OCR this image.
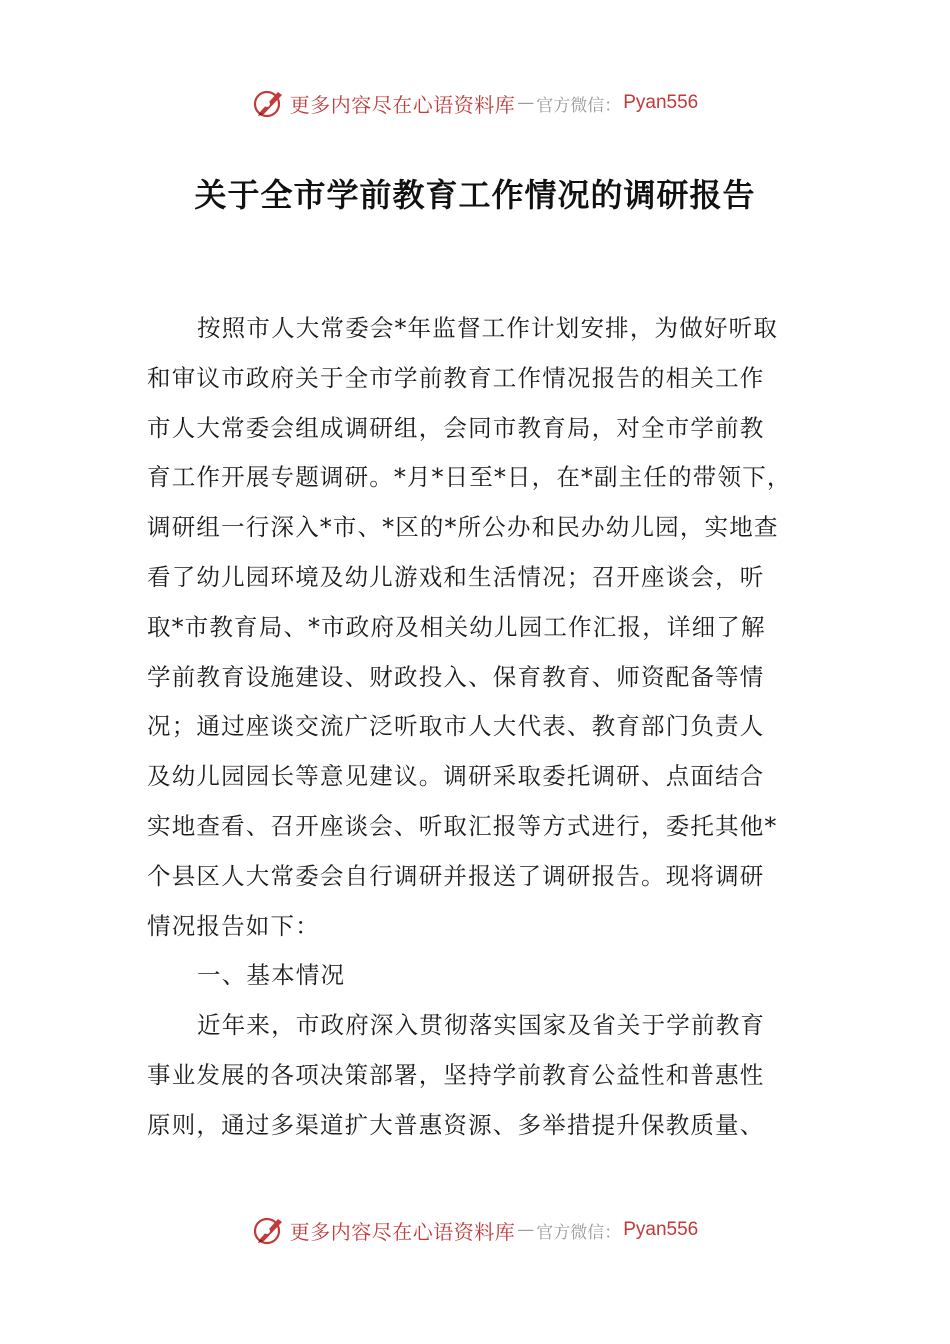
更多内容尽在心语资料库 — 官方微信： Pyan556
关于全市学前教育工作情况的调研报告
按照市人大常委会*年监督工作计划安排，为做好听取
和审议市政府关于全市学前教育工作情况报告的相关工作
市人大常委会组成调研组，会同市教育局，对全市学前教
育工作开展专题调研。*月*日至*日，在*副主任的带领下，
调研组一行深入*市、*区的*所公办和民办幼儿园，实地查
看了幼儿园环境及幼儿游戏和生活情况；召开座谈会，听
取*市教育局、*市政府及相关幼儿园工作汇报，详细了解
学前教育设施建设、财政投入、保育教育、师资配备等情
况；通过座谈交流广泛听取市人大代表、教育部门负责人
及幼儿园园长等意见建议。调研采取委托调研、点面结合
实地查看、召开座谈会、听取汇报等方式进行，委托其他*
个县区人大常委会自行调研并报送了调研报告。现将调研
情况报告如下：
一、基本情况
近年来，市政府深入贯彻落实国家及省关于学前教育
事业发展的各项决策部署，坚持学前教育公益性和普惠性
原则，通过多渠道扩大普惠资源、多举措提升保教质量、
更多内容尽在心语资料库 — 官方微信： Pyan556
